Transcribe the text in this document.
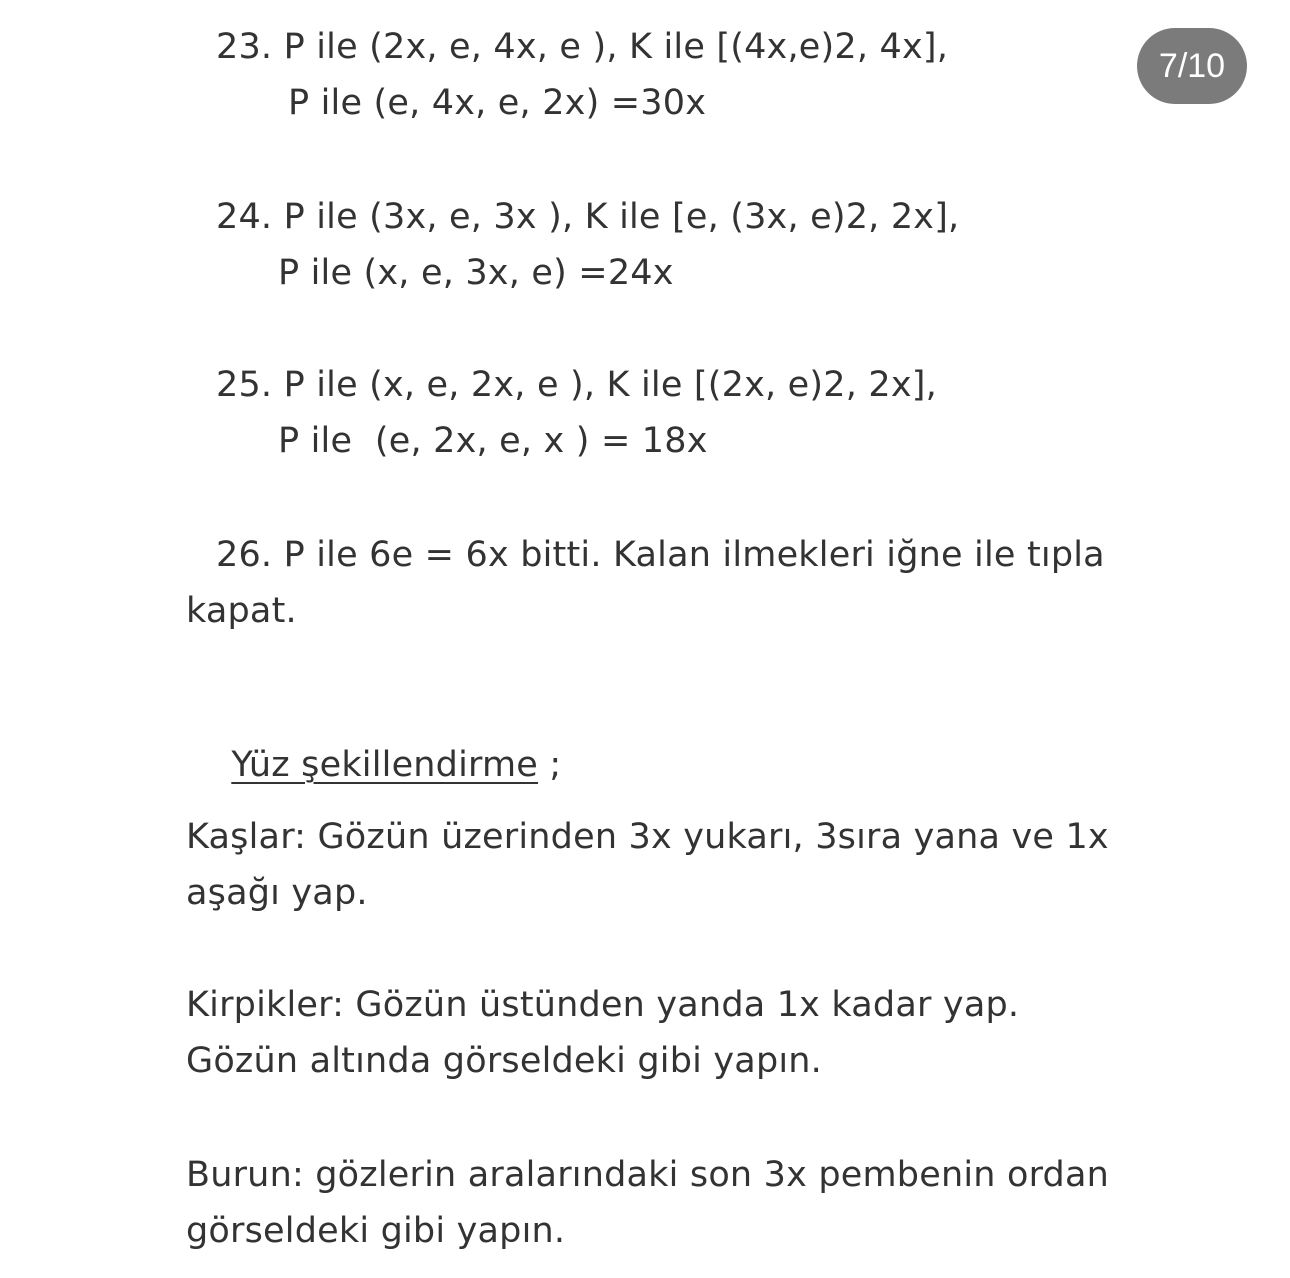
23. P ile (2x, e, 4x, e ), K ile [(4x,e)2, 4x],
P ile (e, 4x, e, 2x) =30x
24. P ile (3x, e, 3x ), K ile [e, (3x, e)2, 2x],
P ile (x, e, 3x, e) =24x
25. P ile (x, e, 2x, e ), K ile [(2x, e)2, 2x],
P ile  (e, 2x, e, x ) = 18x
26. P ile 6e = 6x bitti. Kalan ilmekleri iğne ile tıpla
kapat.

Yüz şekillendirme ;

Kaşlar: Gözün üzerinden 3x yukarı, 3sıra yana ve 1x
aşağı yap.
Kirpikler: Gözün üstünden yanda 1x kadar yap.
Gözün altında görseldeki gibi yapın.
Burun: gözlerin aralarındaki son 3x pembenin ordan
görseldeki gibi yapın.
7/10
